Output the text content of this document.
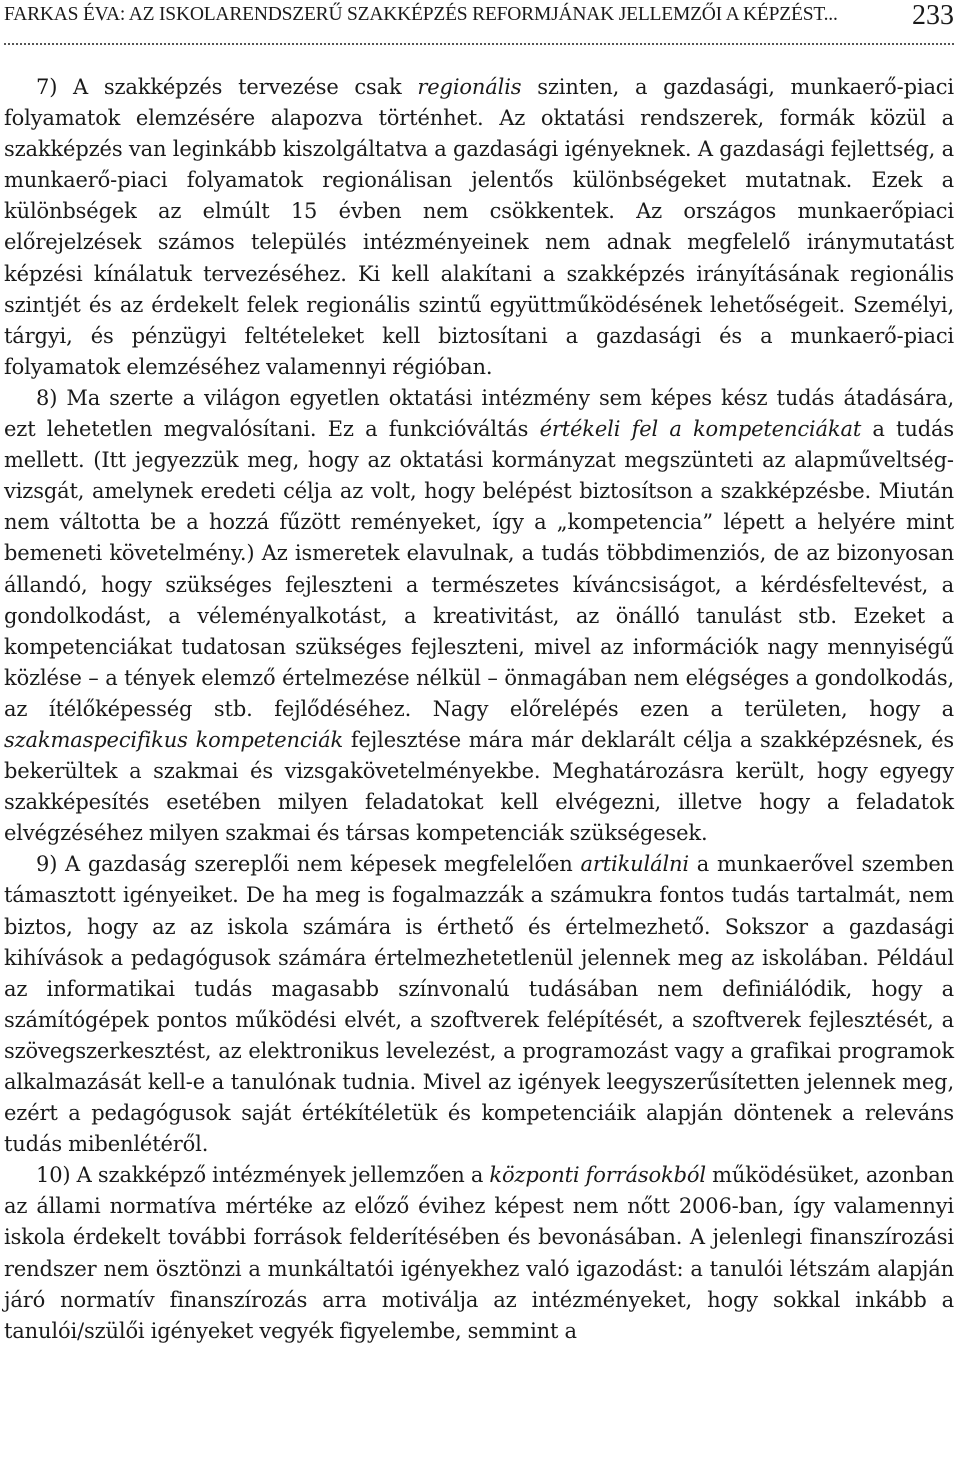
FARKAS ÉVA: AZ ISKOLARENDSZERŰ SZAKKÉPZÉS REFORMJÁNAK JELLEMZŐI A KÉPZÉST...	233

7) A szakképzés tervezése csak regionális szinten, a gazdasági, munkaerő-piaci folyamatok elemzésére alapozva történhet. Az oktatási rendszerek, formák közül a szakképzés van leginkább kiszolgáltatva a gazdasági igényeknek. A gazdasági fejlettség, a munkaerő-piaci folyamatok regionálisan jelentős különbségeket mutatnak. Ezek a különbségek az elmúlt 15 évben nem csökkentek. Az országos munkaerőpiaci előrejelzések számos település intézményeinek nem adnak megfelelő iránymutatást képzési kínálatuk tervezéséhez. Ki kell alakítani a szakképzés irányításának regionális szintjét és az érdekelt felek regionális szintű együttműködésének lehetőségeit. Személyi, tárgyi, és pénzügyi feltételeket kell biztosítani a gazdasági és a munkaerő-piaci folyamatok elemzéséhez valamennyi régióban.

8) Ma szerte a világon egyetlen oktatási intézmény sem képes kész tudás átadására, ezt lehetetlen megvalósítani. Ez a funkcióváltás értékeli fel a kompetenciákat a tudás mellett. (Itt jegyezzük meg, hogy az oktatási kormányzat megszünteti az alapműveltségvizsgát, amelynek eredeti célja az volt, hogy belépést biztosítson a szakképzésbe. Miután nem váltotta be a hozzá fűzött reményeket, így a „kompetencia” lépett a helyére mint bemeneti követelmény.) Az ismeretek elavulnak, a tudás többdimenziós, de az bizonyosan állandó, hogy szükséges fejleszteni a természetes kíváncsiságot, a kérdésfeltevést, a gondolkodást, a véleményalkotást, a kreativitást, az önálló tanulást stb. Ezeket a kompetenciákat tudatosan szükséges fejleszteni, mivel az információk nagy mennyiségű közlése – a tények elemző értelmezése nélkül – önmagában nem elégséges a gondolkodás, az ítélőképesség stb. fejlődéséhez. Nagy előrelépés ezen a területen, hogy a szakmaspecifikus kompetenciák fejlesztése mára már deklarált célja a szakképzésnek, és bekerültek a szakmai és vizsgakövetelményekbe. Meghatározásra került, hogy egyegy szakképesítés esetében milyen feladatokat kell elvégezni, illetve hogy a feladatok elvégzéséhez milyen szakmai és társas kompetenciák szükségesek.

9) A gazdaság szereplői nem képesek megfelelően artikulálni a munkaerővel szemben támasztott igényeiket. De ha meg is fogalmazzák a számukra fontos tudás tartalmát, nem biztos, hogy az az iskola számára is érthető és értelmezhető. Sokszor a gazdasági kihívások a pedagógusok számára értelmezhetetlenül jelennek meg az iskolában. Például az informatikai tudás magasabb színvonalú tudásában nem definiálódik, hogy a számítógépek pontos működési elvét, a szoftverek felépítését, a szoftverek fejlesztését, a szövegszerkesztést, az elektronikus levelezést, a programozást vagy a grafikai programok alkalmazását kell-e a tanulónak tudnia. Mivel az igények leegyszerűsítetten jelennek meg, ezért a pedagógusok saját értékítéletük és kompetenciáik alapján döntenek a releváns tudás mibenlétéről.

10) A szakképző intézmények jellemzően a központi forrásokból működésüket, azonban az állami normatíva mértéke az előző évihez képest nem nőtt 2006-ban, így valamennyi iskola érdekelt további források felderítésében és bevonásában. A jelenlegi finanszírozási rendszer nem ösztönzi a munkáltatói igényekhez való igazodást: a tanulói létszám alapján járó normatív finanszírozás arra motiválja az intézményeket, hogy sokkal inkább a tanulói/szülői igényeket vegyék figyelembe, semmint a
